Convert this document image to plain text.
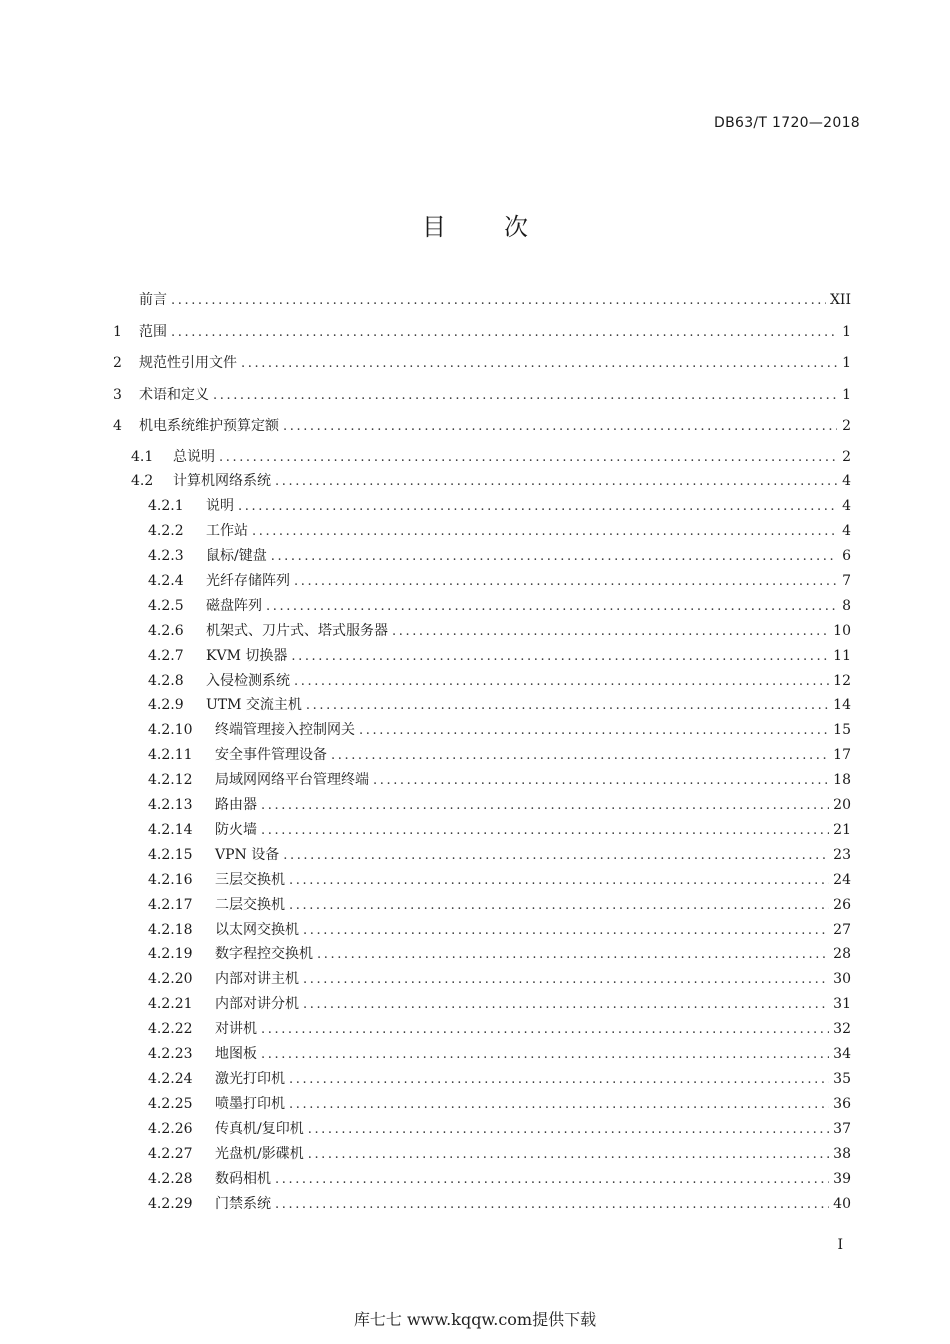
DB63/T 1720—2018
目 次
前言 .....	XII
1	范围 .....	1
2	规范性引用文件 .....	1
3	术语和定义 .....	1
4	机电系统维护预算定额 .....	2
4.1	总说明 .....	2
4.2	计算机网络系统 .....	4
4.2.1	说明 .....	4
4.2.2	工作站 .....	4
4.2.3	鼠标/键盘 .....	6
4.2.4	光纤存储阵列 .....	7
4.2.5	磁盘阵列 .....	8
4.2.6	机架式、刀片式、塔式服务器 .....	10
4.2.7	KVM 切换器 .....	11
4.2.8	入侵检测系统 .....	12
4.2.9	UTM 交流主机 .....	14
4.2.10	终端管理接入控制网关 .....	15
4.2.11	安全事件管理设备 .....	17
4.2.12	局域网网络平台管理终端 .....	18
4.2.13	路由器 .....	20
4.2.14	防火墙 .....	21
4.2.15	VPN 设备 .....	23
4.2.16	三层交换机 .....	24
4.2.17	二层交换机 .....	26
4.2.18	以太网交换机 .....	27
4.2.19	数字程控交换机 .....	28
4.2.20	内部对讲主机 .....	30
4.2.21	内部对讲分机 .....	31
4.2.22	对讲机 .....	32
4.2.23	地图板 .....	34
4.2.24	激光打印机 .....	35
4.2.25	喷墨打印机 .....	36
4.2.26	传真机/复印机 .....	37
4.2.27	光盘机/影碟机 .....	38
4.2.28	数码相机 .....	39
4.2.29	门禁系统 .....	40
I
库七七 www.kqqw.com提供下载
